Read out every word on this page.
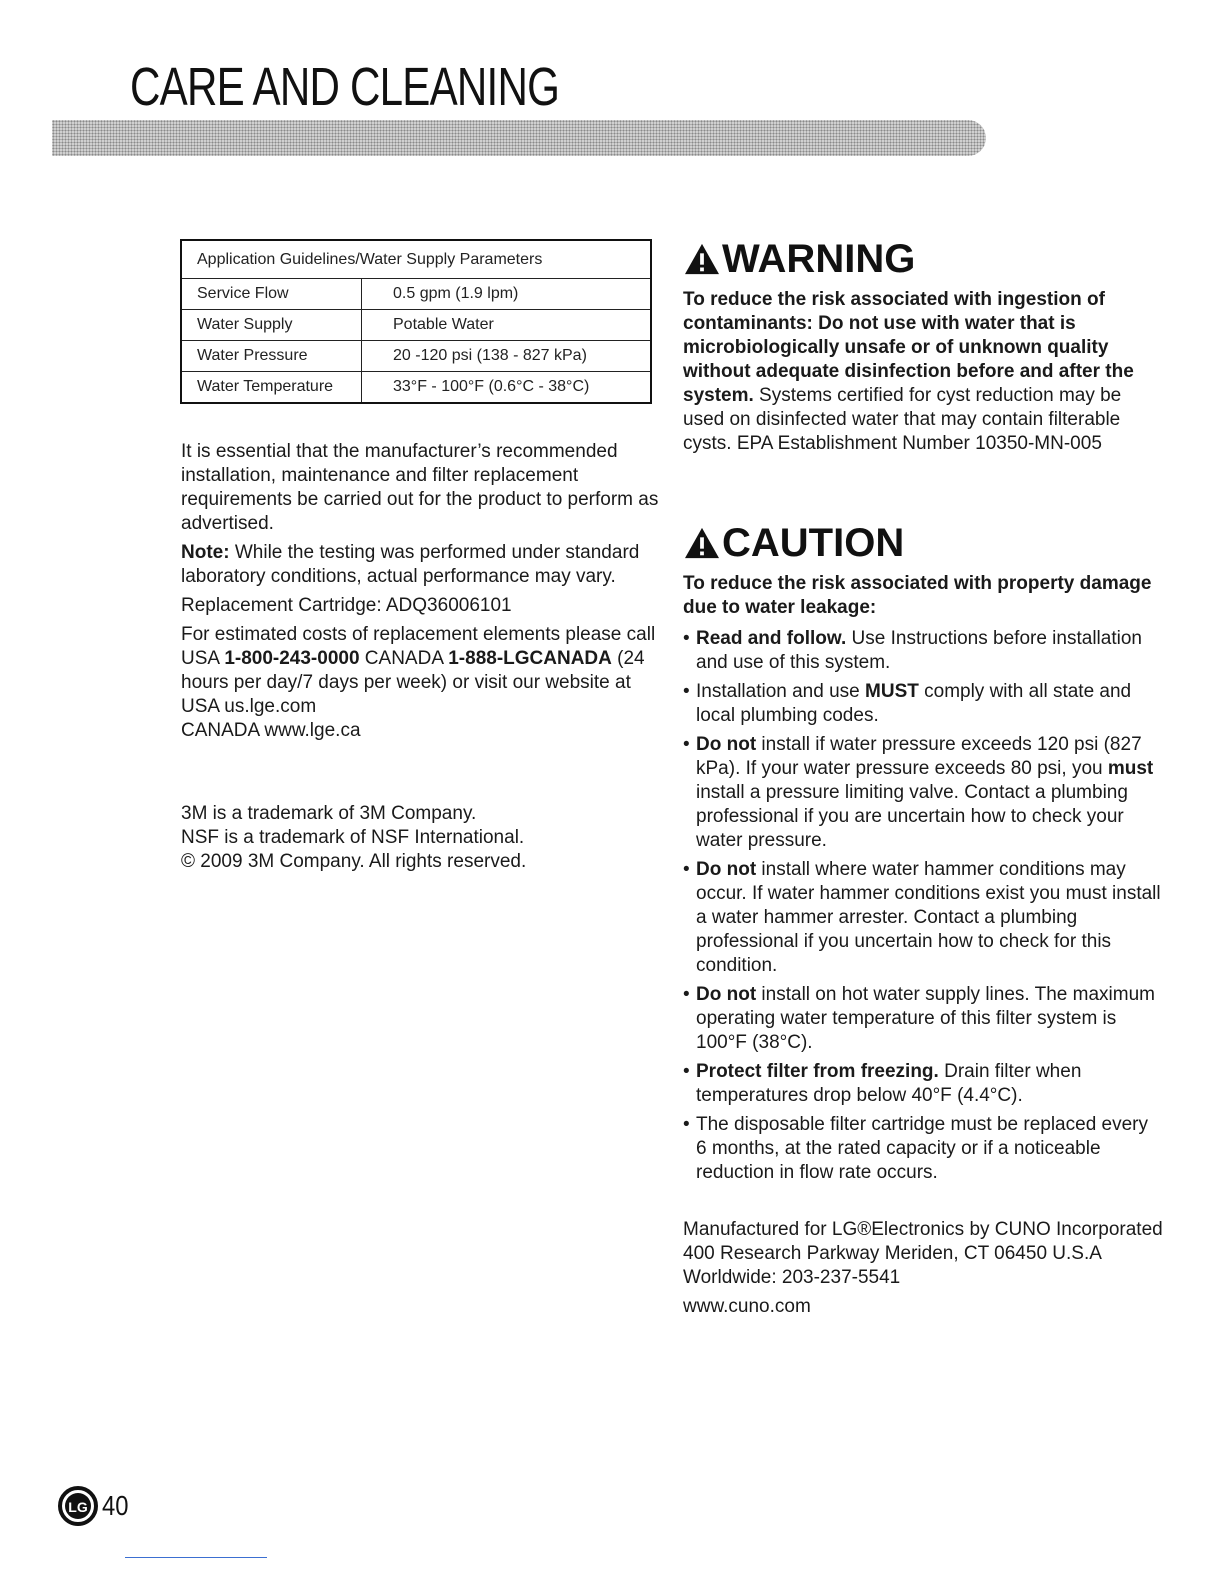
CARE AND CLEANING
Application Guidelines/Water Supply Parameters	
Service Flow	0.5 gpm (1.9 lpm)
Water Supply	Potable Water
Water Pressure	20 -120 psi (138 - 827 kPa)
Water Temperature	33°F - 100°F (0.6°C - 38°C)

It is essential that the manufacturer’s recommended installation, maintenance and filter replacement requirements be carried out for the product to perform as advertised.

Note: While the testing was performed under standard laboratory conditions, actual performance may vary.

Replacement Cartridge: ADQ36006101

For estimated costs of replacement elements please call USA 1-800-243-0000 CANADA 1-888-LGCANADA (24 hours per day/7 days per week) or visit our website at USA us.lge.com

CANADA www.lge.ca

3M is a trademark of 3M Company.

NSF is a trademark of NSF International.

© 2009 3M Company. All rights reserved.

WARNING

To reduce the risk associated with ingestion of contaminants: Do not use with water that is microbiologically unsafe or of unknown quality without adequate disinfection before and after the system. Systems certified for cyst reduction may be used on disinfected water that may contain filterable cysts. EPA Establishment Number 10350-MN-005

CAUTION

To reduce the risk associated with property damage due to water leakage:

• Read and follow. Use Instructions before installation and use of this system.
• Installation and use MUST comply with all state and local plumbing codes.
• Do not install if water pressure exceeds 120 psi (827 kPa). If your water pressure exceeds 80 psi, you must install a pressure limiting valve. Contact a plumbing professional if you are uncertain how to check your water pressure.
• Do not install where water hammer conditions may occur. If water hammer conditions exist you must install a water hammer arrester. Contact a plumbing professional if you uncertain how to check for this condition.
• Do not install on hot water supply lines. The maximum operating water temperature of this filter system is 100°F (38°C).
• Protect filter from freezing. Drain filter when temperatures drop below 40°F (4.4°C).
• The disposable filter cartridge must be replaced every 6 months, at the rated capacity or if a noticeable reduction in flow rate occurs.

Manufactured for LG®Electronics by CUNO Incorporated 400 Research Parkway Meriden, CT 06450 U.S.A Worldwide: 203-237-5541

www.cuno.com

LG 40
